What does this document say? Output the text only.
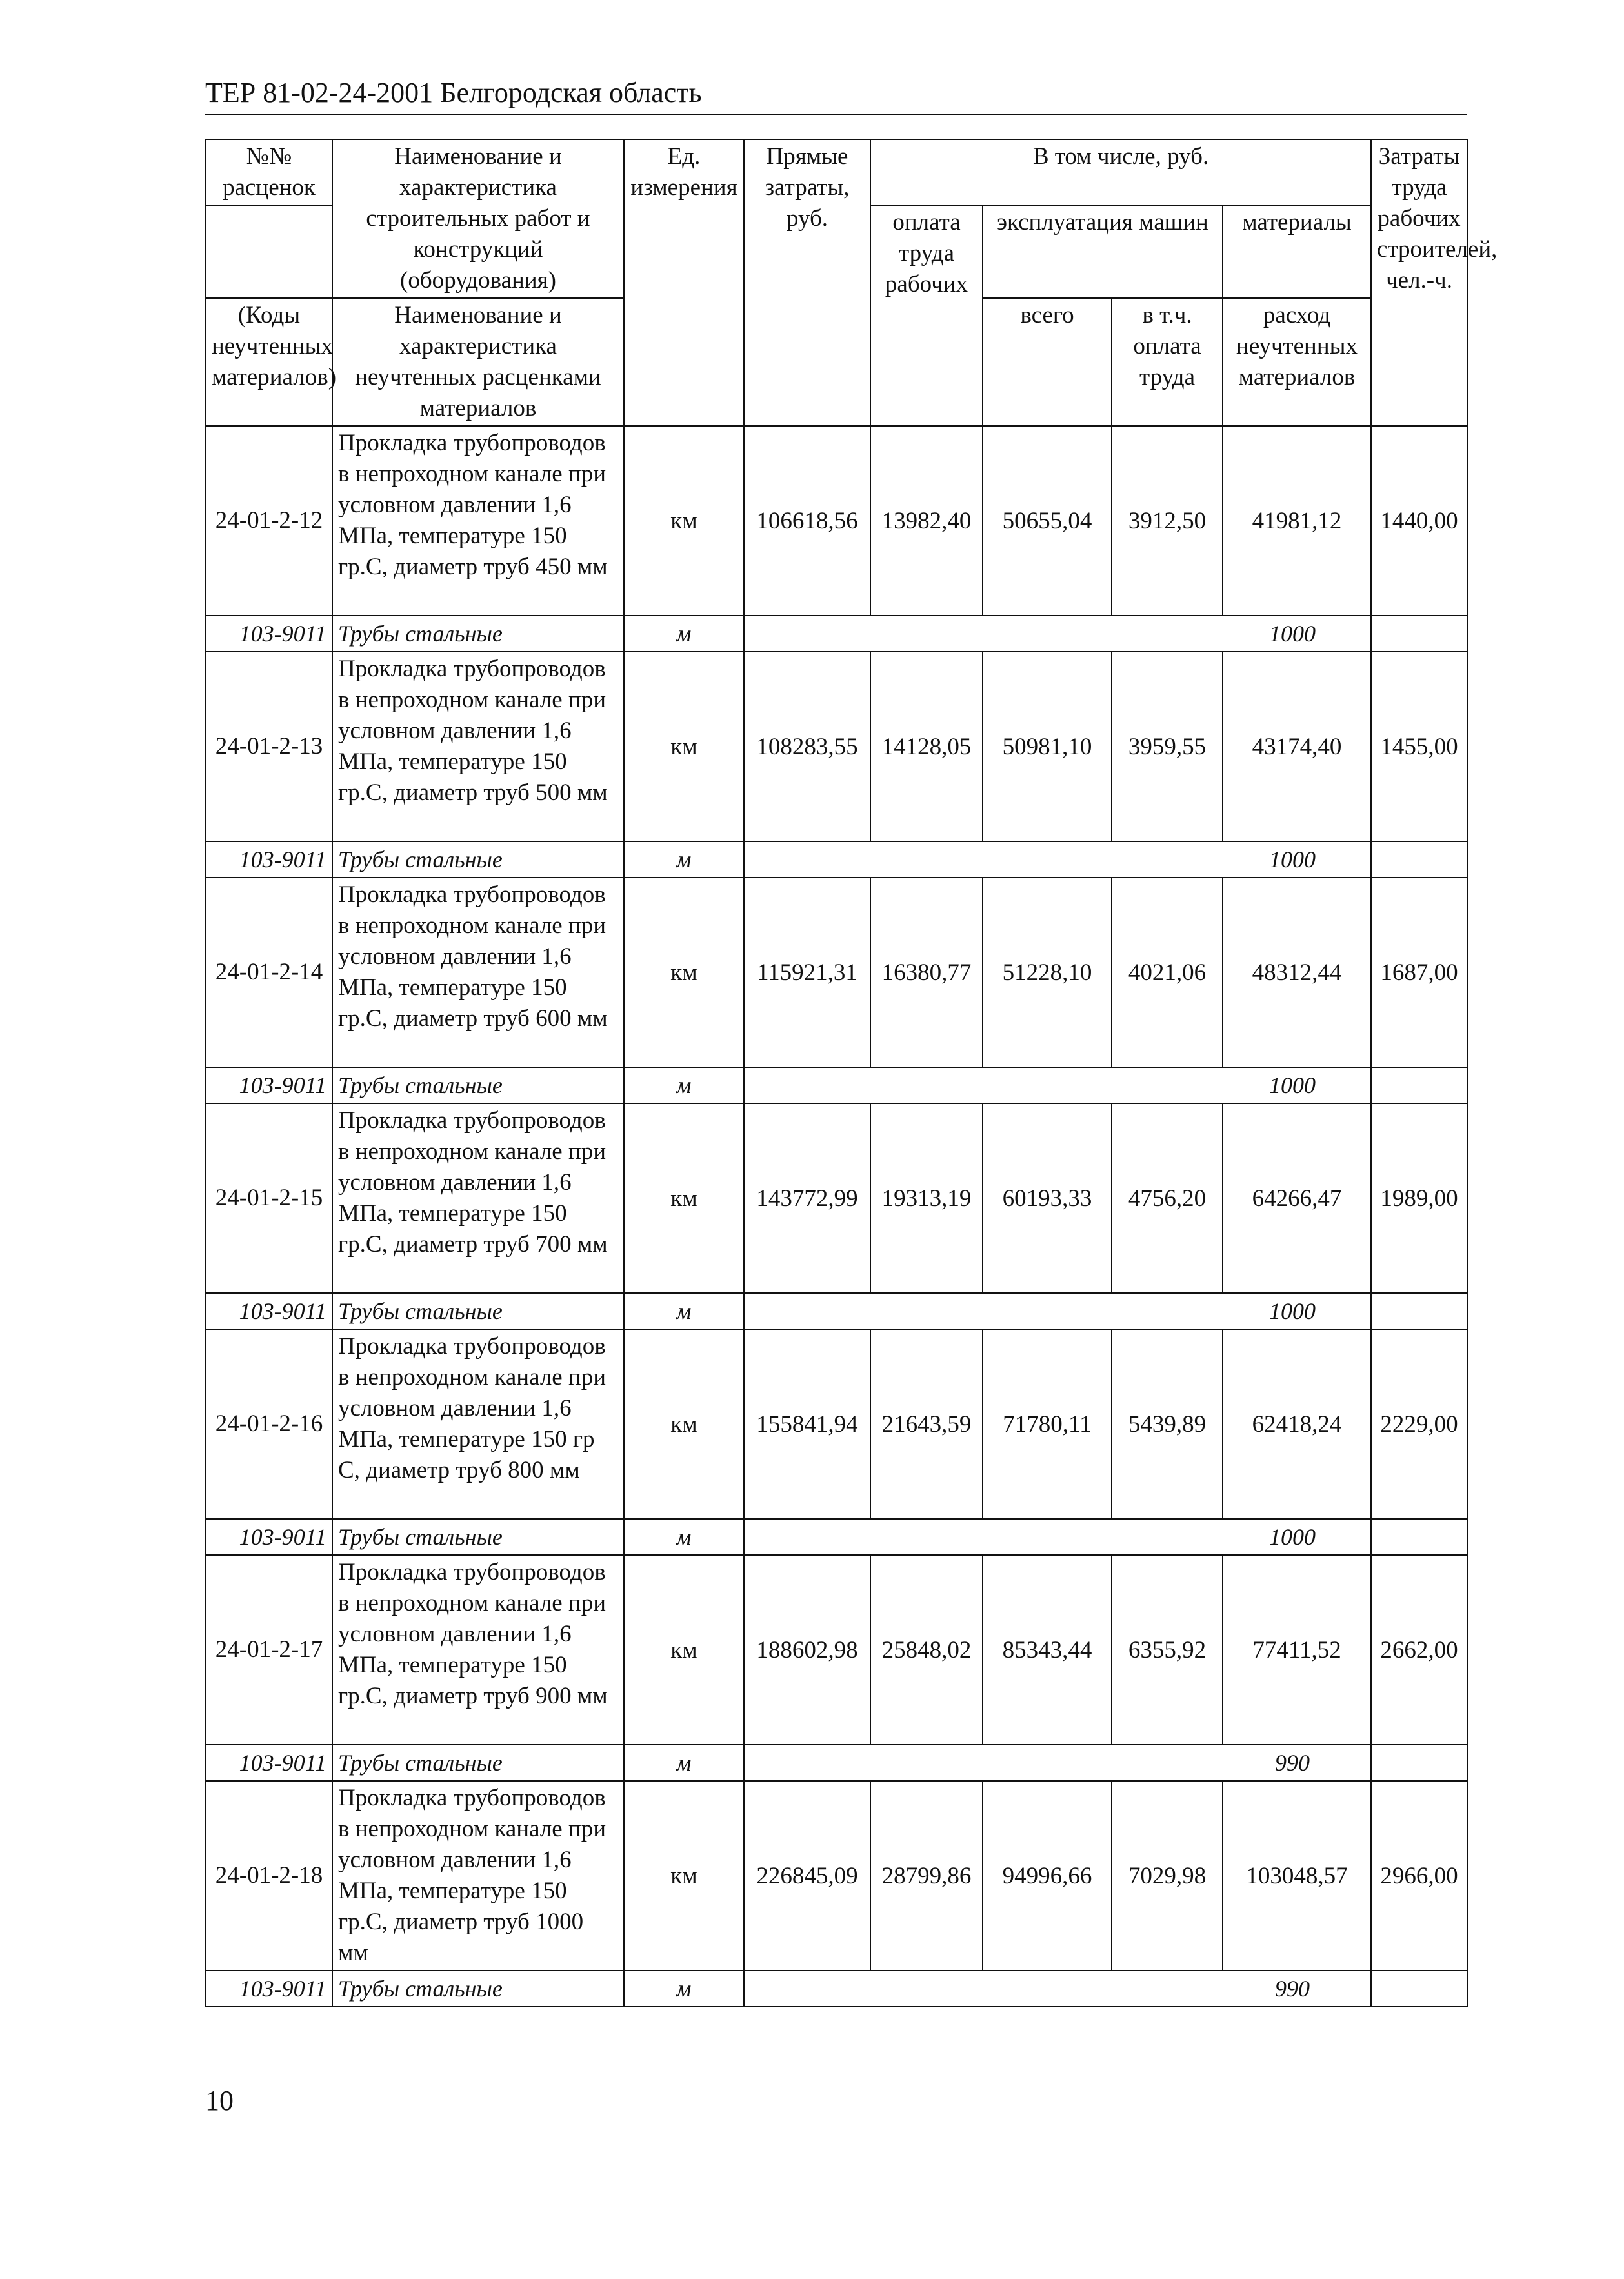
ТЕР 81-02-24-2001 Белгородская область
№№ расценок	Наименование и характеристика строительных работ и конструкций (оборудования)	Ед. измерения	Прямые затраты, руб.	В том числе, руб.				Затраты труда рабочих строителей, чел.-ч.
				оплата труда рабочих	эксплуатация машин		материалы	

(Коды неучтенных материалов)	Наименование и характеристика неучтенных расценками материалов				всего	в т.ч. оплата труда	расход неучтенных материалов	

24-01-2-12	Прокладка трубопроводов в непроходном канале при условном давлении 1,6 МПа, температуре 150 гр.С, диаметр труб 450 мм	км	106618,56	13982,40	50655,04	3912,50	41981,12	1440,00
103-9011	Трубы стальные	м	1000					
24-01-2-13	Прокладка трубопроводов в непроходном канале при условном давлении 1,6 МПа, температуре 150 гр.С, диаметр труб 500 мм	км	108283,55	14128,05	50981,10	3959,55	43174,40	1455,00
103-9011	Трубы стальные	м	1000					
24-01-2-14	Прокладка трубопроводов в непроходном канале при условном давлении 1,6 МПа, температуре 150 гр.С, диаметр труб 600 мм	км	115921,31	16380,77	51228,10	4021,06	48312,44	1687,00
103-9011	Трубы стальные	м	1000					
24-01-2-15	Прокладка трубопроводов в непроходном канале при условном давлении 1,6 МПа, температуре 150 гр.С, диаметр труб 700 мм	км	143772,99	19313,19	60193,33	4756,20	64266,47	1989,00
103-9011	Трубы стальные	м	1000					
24-01-2-16	Прокладка трубопроводов в непроходном канале при условном давлении 1,6 МПа, температуре 150 гр С, диаметр труб 800 мм	км	155841,94	21643,59	71780,11	5439,89	62418,24	2229,00
103-9011	Трубы стальные	м	1000					
24-01-2-17	Прокладка трубопроводов в непроходном канале при условном давлении 1,6 МПа, температуре 150 гр.С, диаметр труб 900 мм	км	188602,98	25848,02	85343,44	6355,92	77411,52	2662,00
103-9011	Трубы стальные	м	990					
24-01-2-18	Прокладка трубопроводов в непроходном канале при условном давлении 1,6 МПа, температуре 150 гр.С, диаметр труб 1000 мм	км	226845,09	28799,86	94996,66	7029,98	103048,57	2966,00
103-9011	Трубы стальные	м	990					
10
